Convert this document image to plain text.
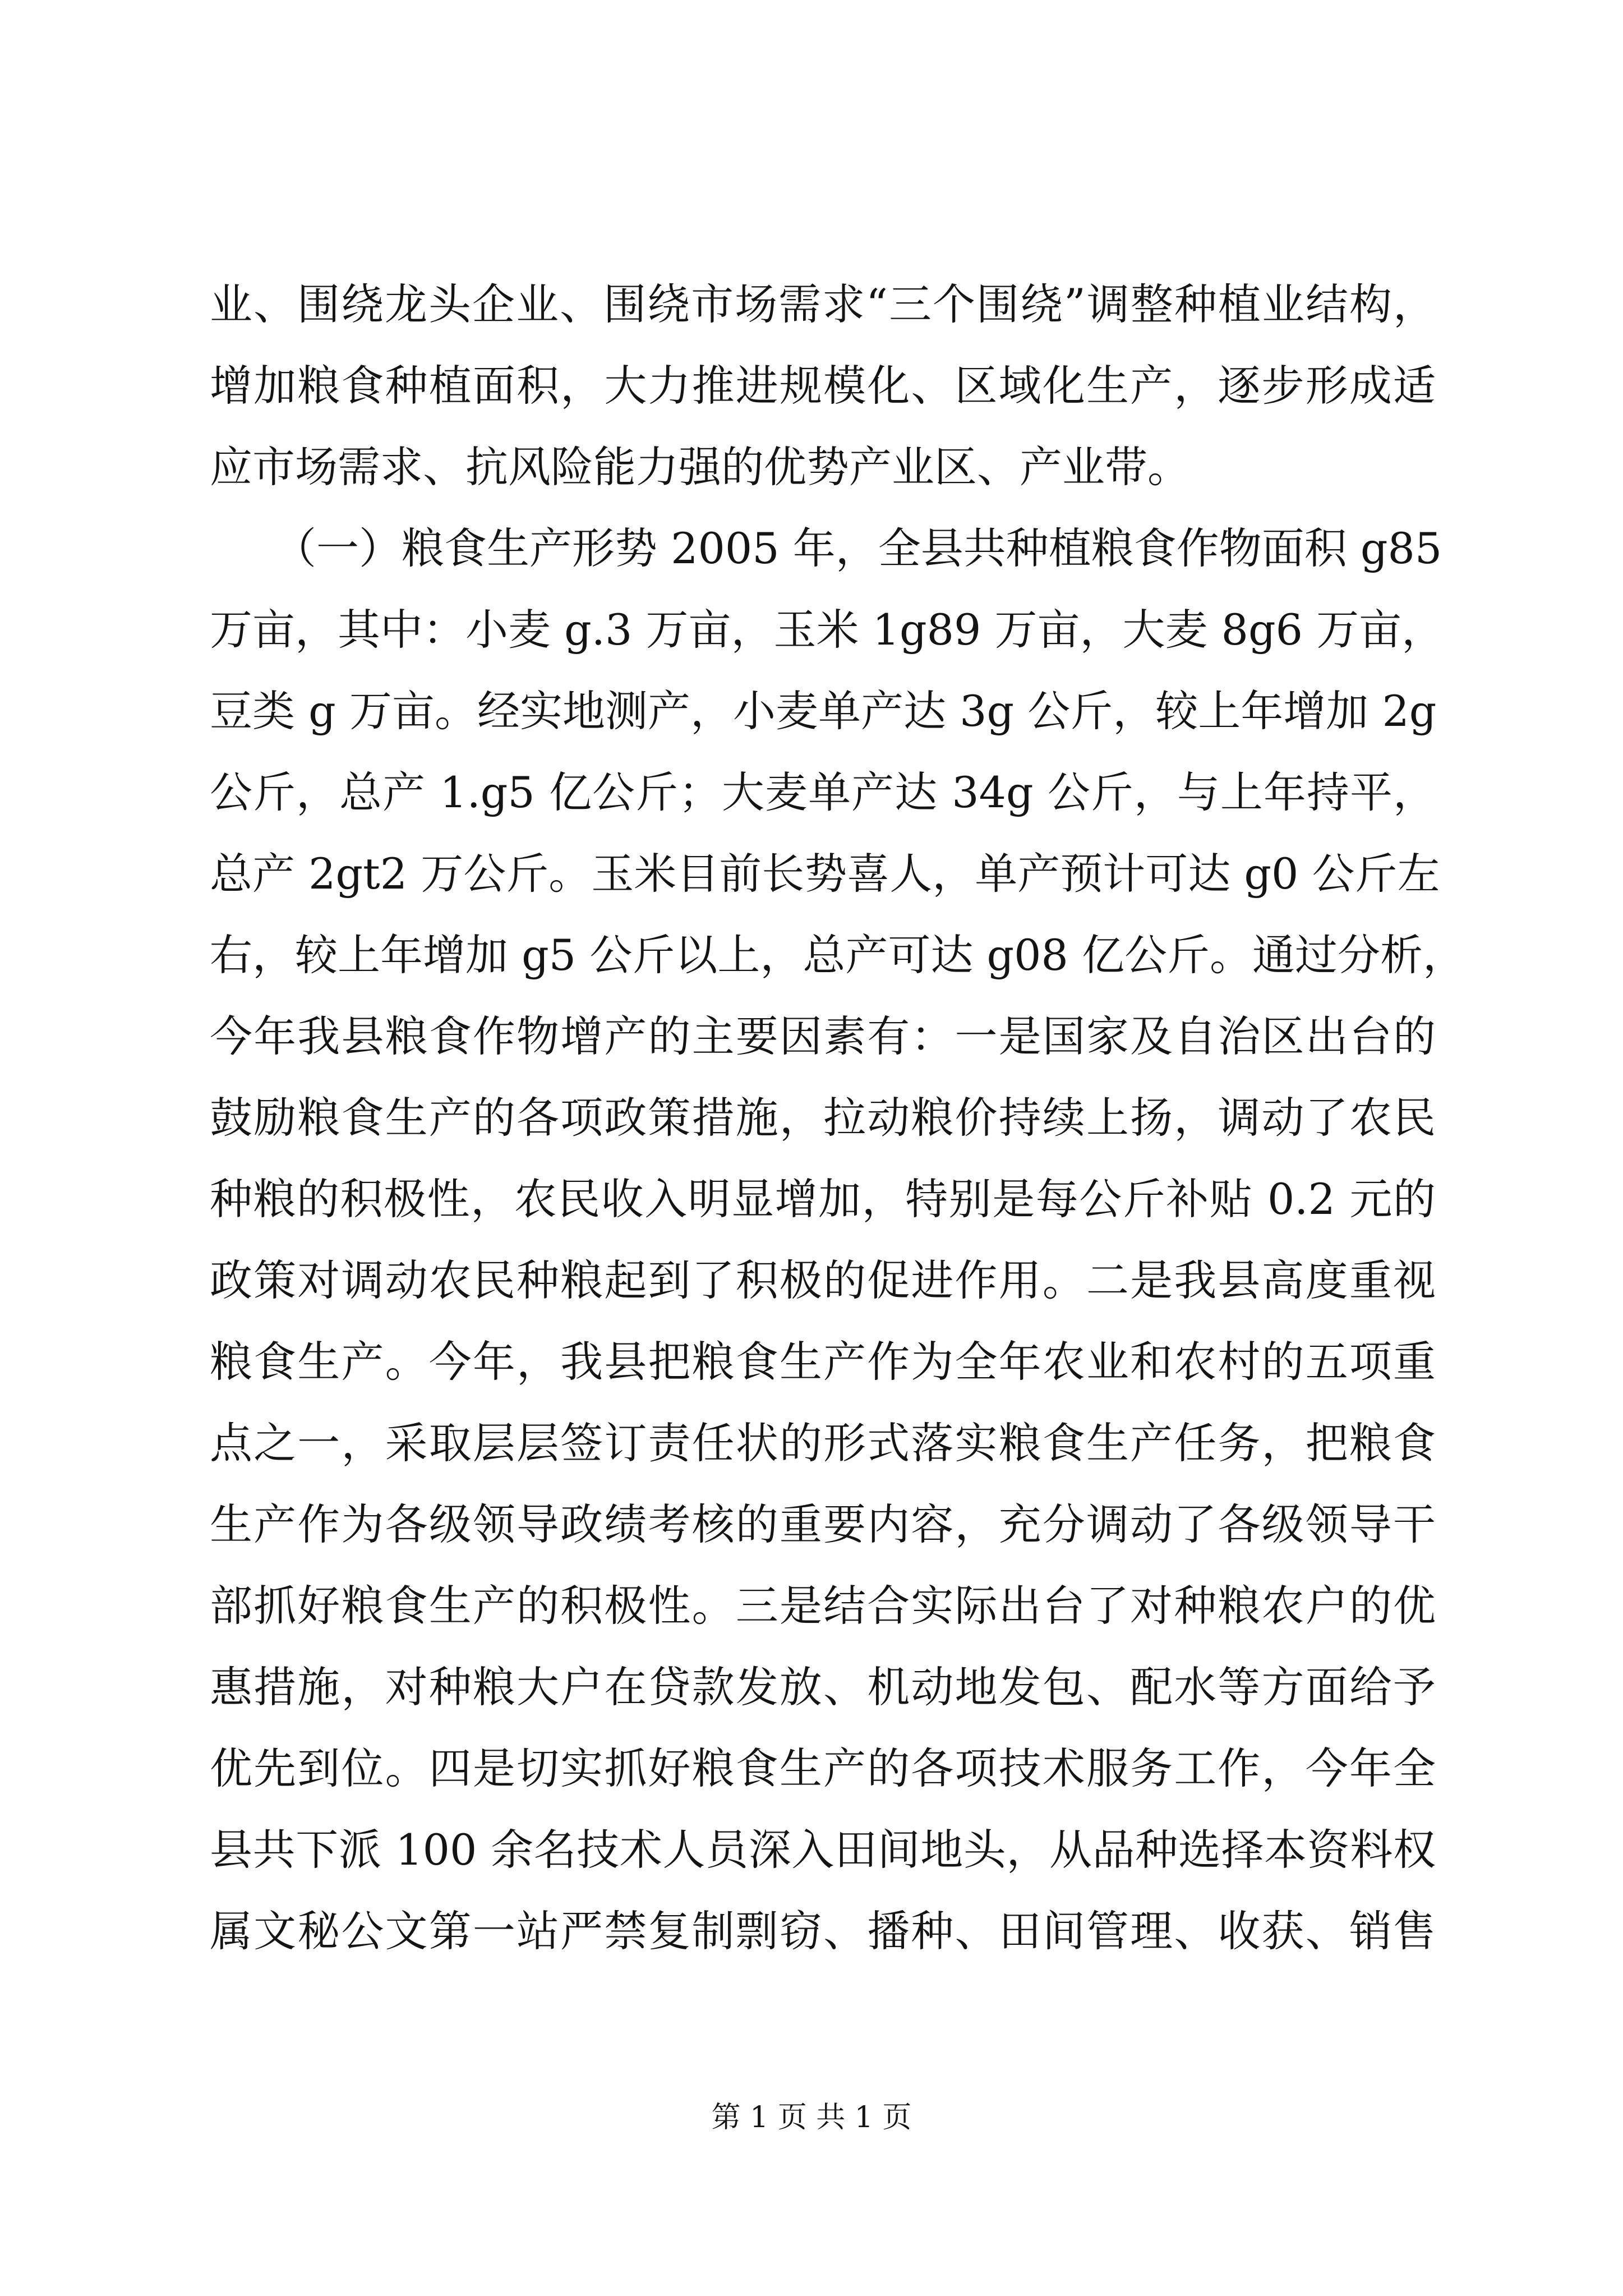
业、围绕龙头企业、围绕市场需求“三个围绕”调整种植业结构，
增加粮食种植面积，大力推进规模化、区域化生产，逐步形成适
应市场需求、抗风险能力强的优势产业区、产业带。
　　（一）粮食生产形势 2005 年，全县共种植粮食作物面积 g85
万亩，其中：小麦 g.3 万亩，玉米 1g89 万亩，大麦 8g6 万亩，
豆类 g 万亩。经实地测产，小麦单产达 3g 公斤，较上年增加 2g
公斤，总产 1.g5 亿公斤；大麦单产达 34g 公斤，与上年持平，
总产 2gt2 万公斤。玉米目前长势喜人，单产预计可达 g0 公斤左
右，较上年增加 g5 公斤以上，总产可达 g08 亿公斤。通过分析，
今年我县粮食作物增产的主要因素有：一是国家及自治区出台的
鼓励粮食生产的各项政策措施，拉动粮价持续上扬，调动了农民
种粮的积极性，农民收入明显增加，特别是每公斤补贴 0.2 元的
政策对调动农民种粮起到了积极的促进作用。二是我县高度重视
粮食生产。今年，我县把粮食生产作为全年农业和农村的五项重
点之一，采取层层签订责任状的形式落实粮食生产任务，把粮食
生产作为各级领导政绩考核的重要内容，充分调动了各级领导干
部抓好粮食生产的积极性。三是结合实际出台了对种粮农户的优
惠措施，对种粮大户在贷款发放、机动地发包、配水等方面给予
优先到位。四是切实抓好粮食生产的各项技术服务工作，今年全
县共下派 100 余名技术人员深入田间地头，从品种选择本资料权
属文秘公文第一站严禁复制剽窃、播种、田间管理、收获、销售
第 1 页 共 1 页
